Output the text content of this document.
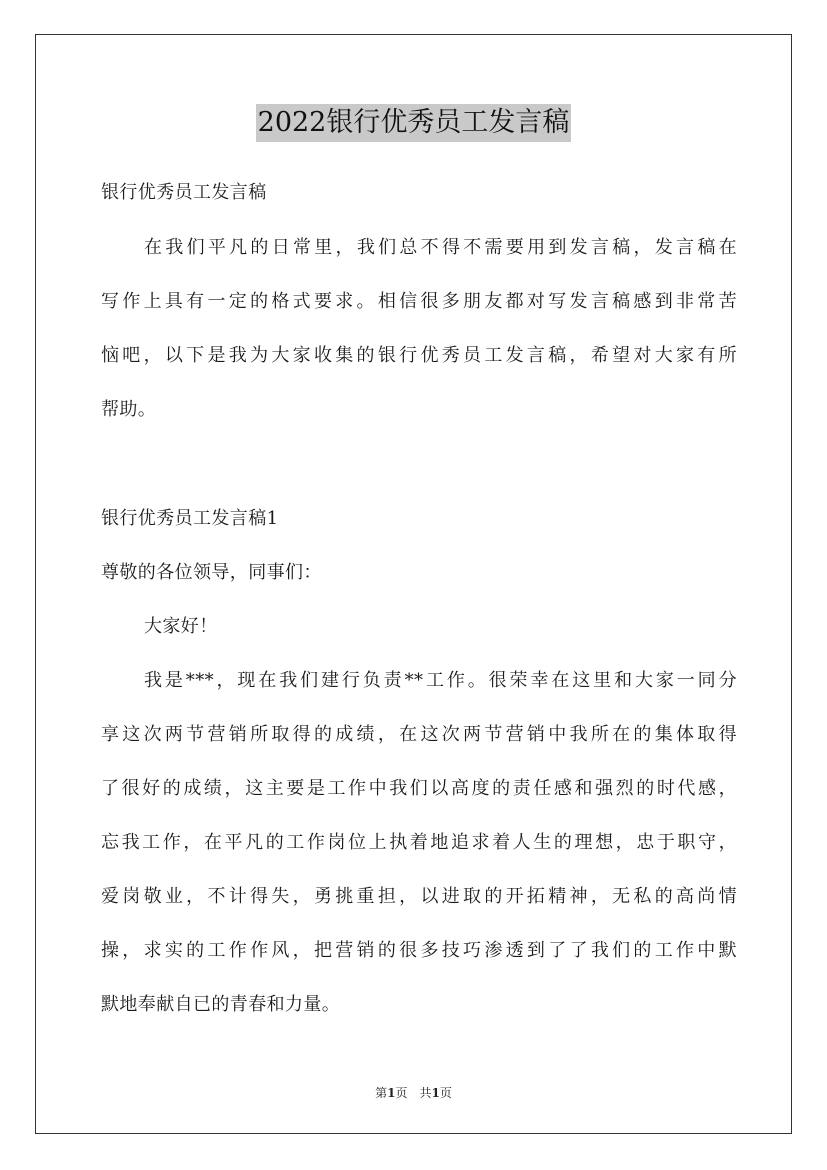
2022银行优秀员工发言稿
银行优秀员工发言稿
在我们平凡的日常里，我们总不得不需要用到发言稿，发言稿在
写作上具有一定的格式要求。相信很多朋友都对写发言稿感到非常苦
恼吧，以下是我为大家收集的银行优秀员工发言稿，希望对大家有所
帮助。
银行优秀员工发言稿1
尊敬的各位领导，同事们：
大家好！
我是***，现在我们建行负责**工作。很荣幸在这里和大家一同分
享这次两节营销所取得的成绩，在这次两节营销中我所在的集体取得
了很好的成绩，这主要是工作中我们以高度的责任感和强烈的时代感，
忘我工作，在平凡的工作岗位上执着地追求着人生的理想，忠于职守，
爱岗敬业，不计得失，勇挑重担，以进取的开拓精神，无私的高尚情
操，求实的工作作风，把营销的很多技巧渗透到了了我们的工作中默
默地奉献自已的青春和力量。
第1页　共1页
